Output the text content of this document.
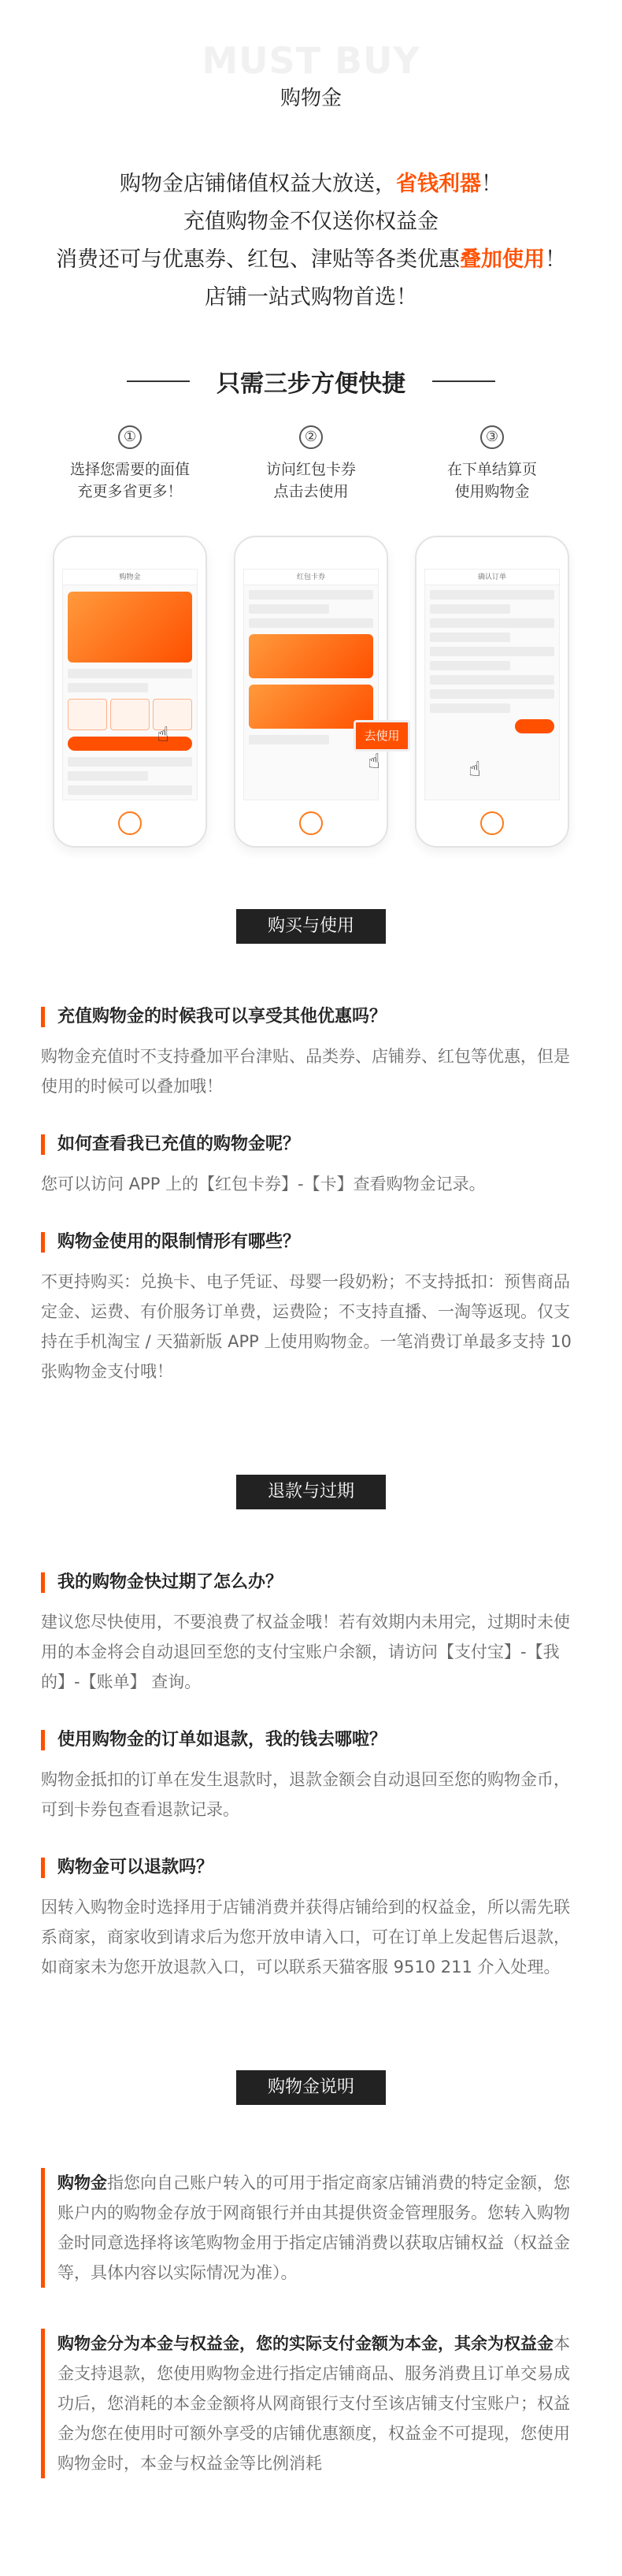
MUST BUY
购物金
购物金店铺储值权益大放送，省钱利器！
充值购物金不仅送你权益金
消费还可与优惠券、红包、津贴等各类优惠叠加使用！
店铺一站式购物首选！
只需三步方便快捷
①
选择您需要的面值
充更多省更多！
购物金
☝
②
访问红包卡券
点击去使用
红包卡券
去使用
☝
③
在下单结算页
使用购物金
确认订单
☝
购买与使用
充值购物金的时候我可以享受其他优惠吗？
购物金充值时不支持叠加平台津贴、品类券、店铺券、红包等优惠，但是使用的时候可以叠加哦！
如何查看我已充值的购物金呢？
您可以访问 APP 上的【红包卡券】-【卡】查看购物金记录。
购物金使用的限制情形有哪些？
不更持购买：兑换卡、电子凭证、母婴一段奶粉；不支持抵扣：预售商品定金、运费、有价服务订单费，运费险；不支持直播、一淘等返现。仅支持在手机淘宝 / 天猫新版 APP 上使用购物金。一笔消费订单最多支持 10 张购物金支付哦！
退款与过期
我的购物金快过期了怎么办？
建议您尽快使用，不要浪费了权益金哦！若有效期内未用完，过期时未使用的本金将会自动退回至您的支付宝账户余额，请访问【支付宝】-【我的】-【账单】 查询。
使用购物金的订单如退款，我的钱去哪啦？
购物金抵扣的订单在发生退款时，退款金额会自动退回至您的购物金币，可到卡券包查看退款记录。
购物金可以退款吗？
因转入购物金时选择用于店铺消费并获得店铺给到的权益金，所以需先联系商家，商家收到请求后为您开放申请入口，可在订单上发起售后退款，如商家未为您开放退款入口，可以联系天猫客服 9510 211 介入处理。
购物金说明
购物金指您向自己账户转入的可用于指定商家店铺消费的特定金额，您账户内的购物金存放于网商银行并由其提供资金管理服务。您转入购物金时同意选择将该笔购物金用于指定店铺消费以获取店铺权益（权益金等，具体内容以实际情况为准）。
购物金分为本金与权益金，您的实际支付金额为本金，其余为权益金本金支持退款，您使用购物金进行指定店铺商品、服务消费且订单交易成功后，您消耗的本金金额将从网商银行支付至该店铺支付宝账户；权益金为您在使用时可额外享受的店铺优惠额度，权益金不可提现，您使用购物金时，本金与权益金等比例消耗
